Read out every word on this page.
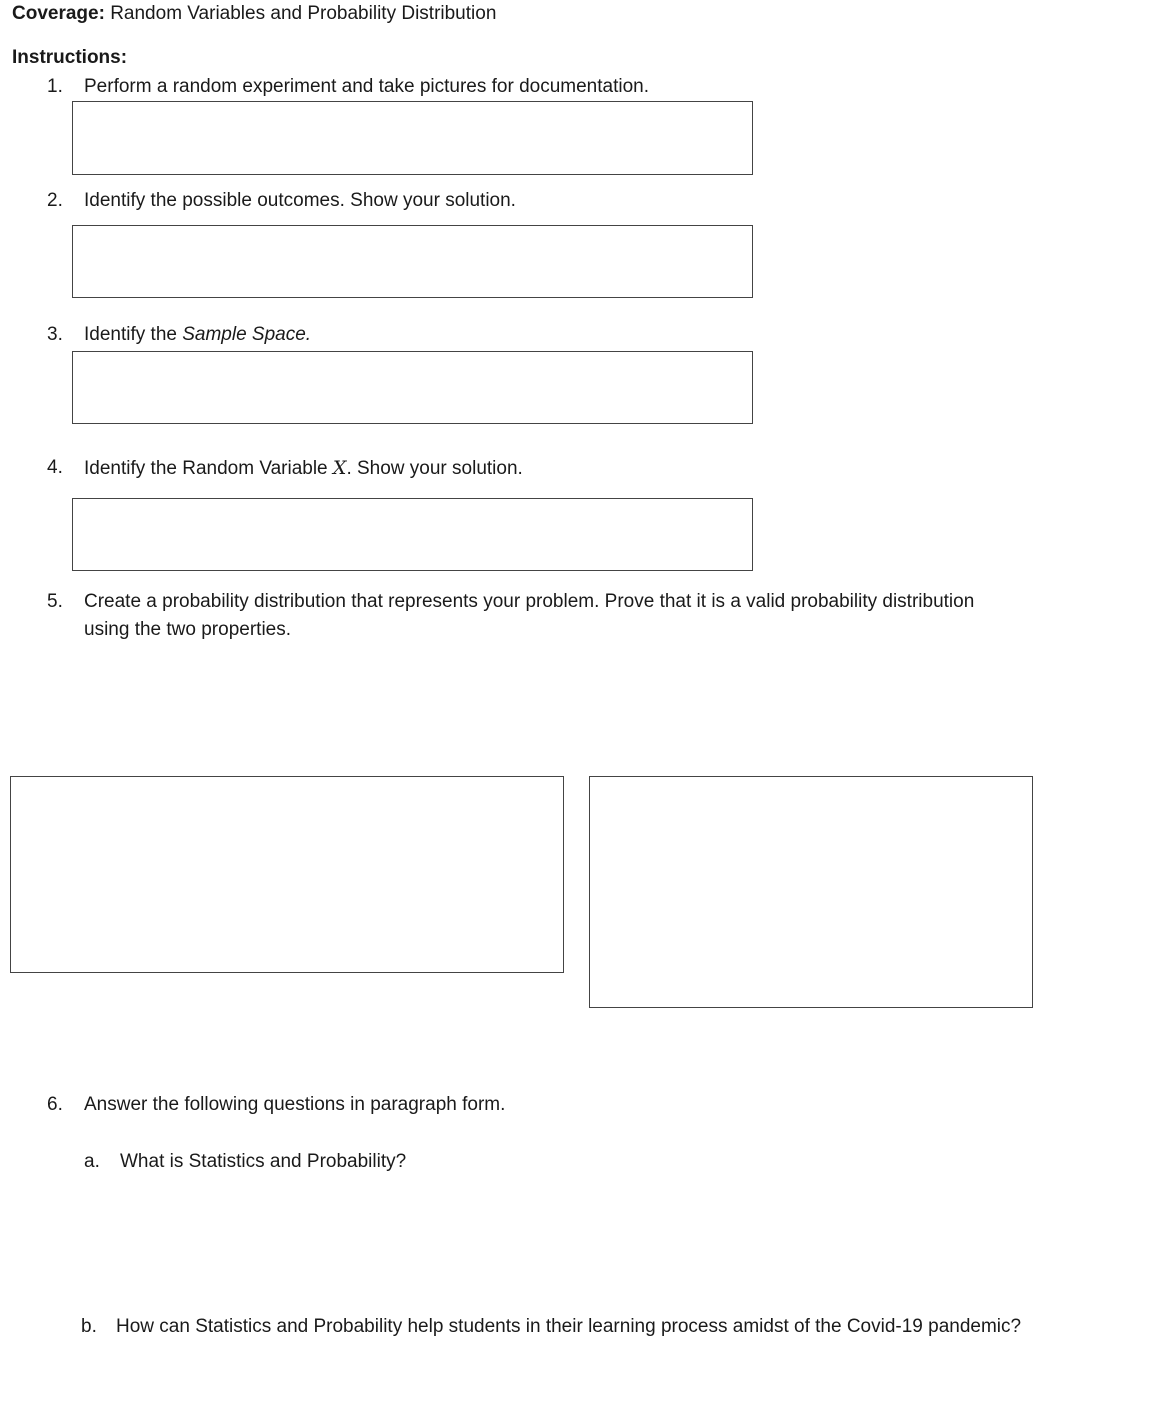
Coverage: Random Variables and Probability Distribution
Instructions:
1. Perform a random experiment and take pictures for documentation.
2. Identify the possible outcomes. Show your solution.
3. Identify the Sample Space.
4. Identify the Random Variable X. Show your solution.
5. Create a probability distribution that represents your problem. Prove that it is a valid probability distribution
using the two properties.
6. Answer the following questions in paragraph form.
a. What is Statistics and Probability?
b. How can Statistics and Probability help students in their learning process amidst of the Covid-19 pandemic?
